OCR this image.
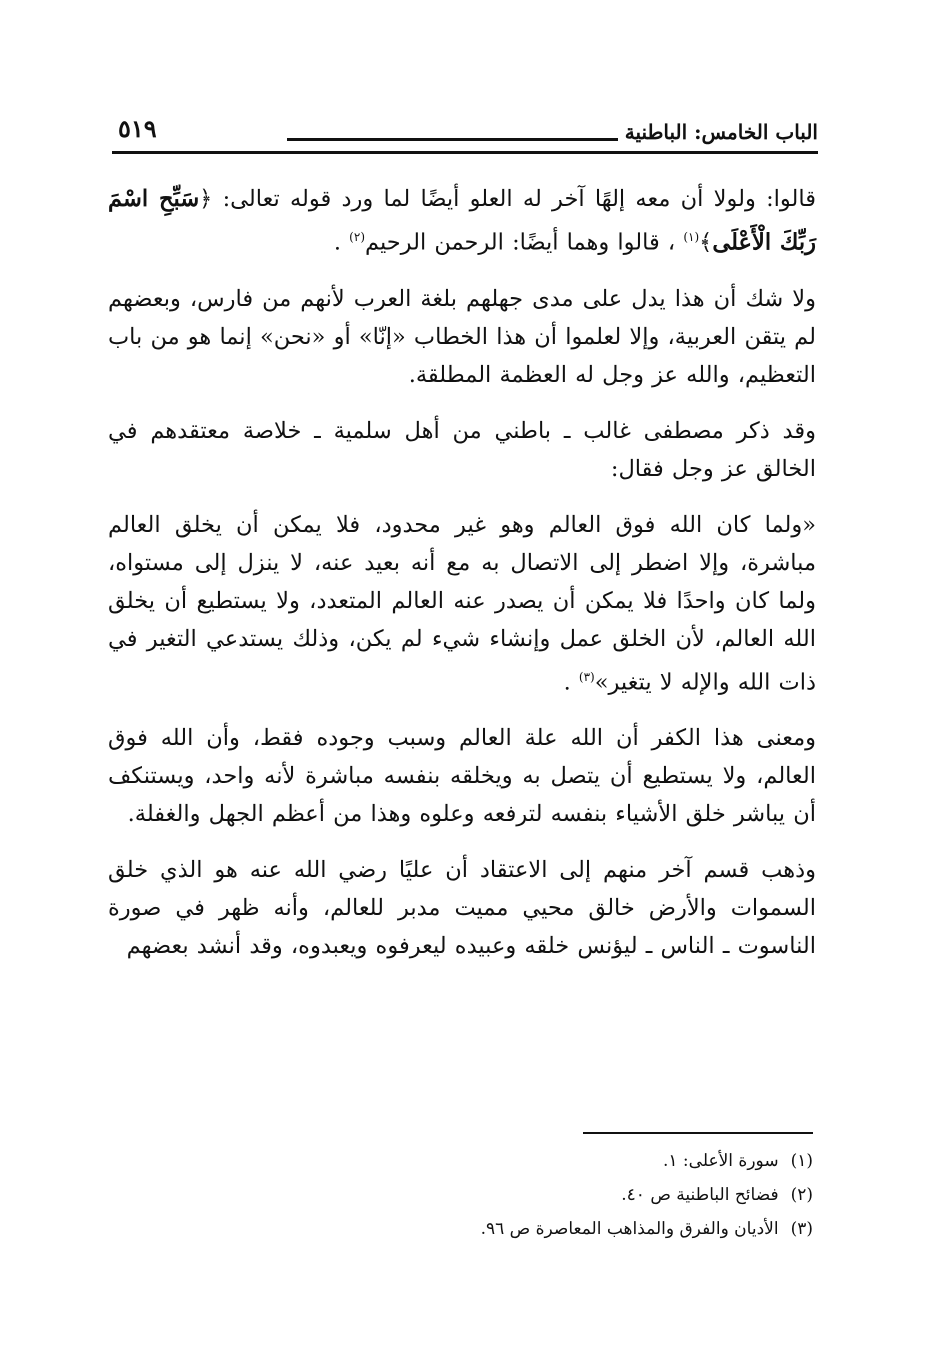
الباب الخامس: الباطنية
٥١٩

قالوا: ولولا أن معه إلهًا آخر له العلو أيضًا لما ورد قوله تعالى: ﴿سَبِّحِ اسْمَ رَبِّكَ الْأَعْلَى﴾$^{(١)}$ ، قالوا وهما أيضًا: الرحمن الرحيم$^{(٢)}$ .

ولا شك أن هذا يدل على مدى جهلهم بلغة العرب لأنهم من فارس، وبعضهم لم يتقن العربية، وإلا لعلموا أن هذا الخطاب «إنّا» أو «نحن» إنما هو من باب التعظيم، والله عز وجل له العظمة المطلقة.

وقد ذكر مصطفى غالب ـ باطني من أهل سلمية ـ خلاصة معتقدهم في الخالق عز وجل فقال:

«ولما كان الله فوق العالم وهو غير محدود، فلا يمكن أن يخلق العالم مباشرة، وإلا اضطر إلى الاتصال به مع أنه بعيد عنه، لا ينزل إلى مستواه، ولما كان واحدًا فلا يمكن أن يصدر عنه العالم المتعدد، ولا يستطيع أن يخلق الله العالم، لأن الخلق عمل وإنشاء شيء لم يكن، وذلك يستدعي التغير في ذات الله والإله لا يتغير»$^{(٣)}$ .

ومعنى هذا الكفر أن الله علة العالم وسبب وجوده فقط، وأن الله فوق العالم، ولا يستطيع أن يتصل به ويخلقه بنفسه مباشرة لأنه واحد، ويستنكف أن يباشر خلق الأشياء بنفسه لترفعه وعلوه وهذا من أعظم الجهل والغفلة.

وذهب قسم آخر منهم إلى الاعتقاد أن عليًا رضي الله عنه هو الذي خلق السموات والأرض خالق محيي مميت مدبر للعالم، وأنه ظهر في صورة الناسوت ـ الناس ـ ليؤنس خلقه وعبيده ليعرفوه ويعبدوه، وقد أنشد بعضهم

(١)سورة الأعلى: ١.
(٢)فضائح الباطنية ص ٤٠.
(٣)الأديان والفرق والمذاهب المعاصرة ص ٩٦.
